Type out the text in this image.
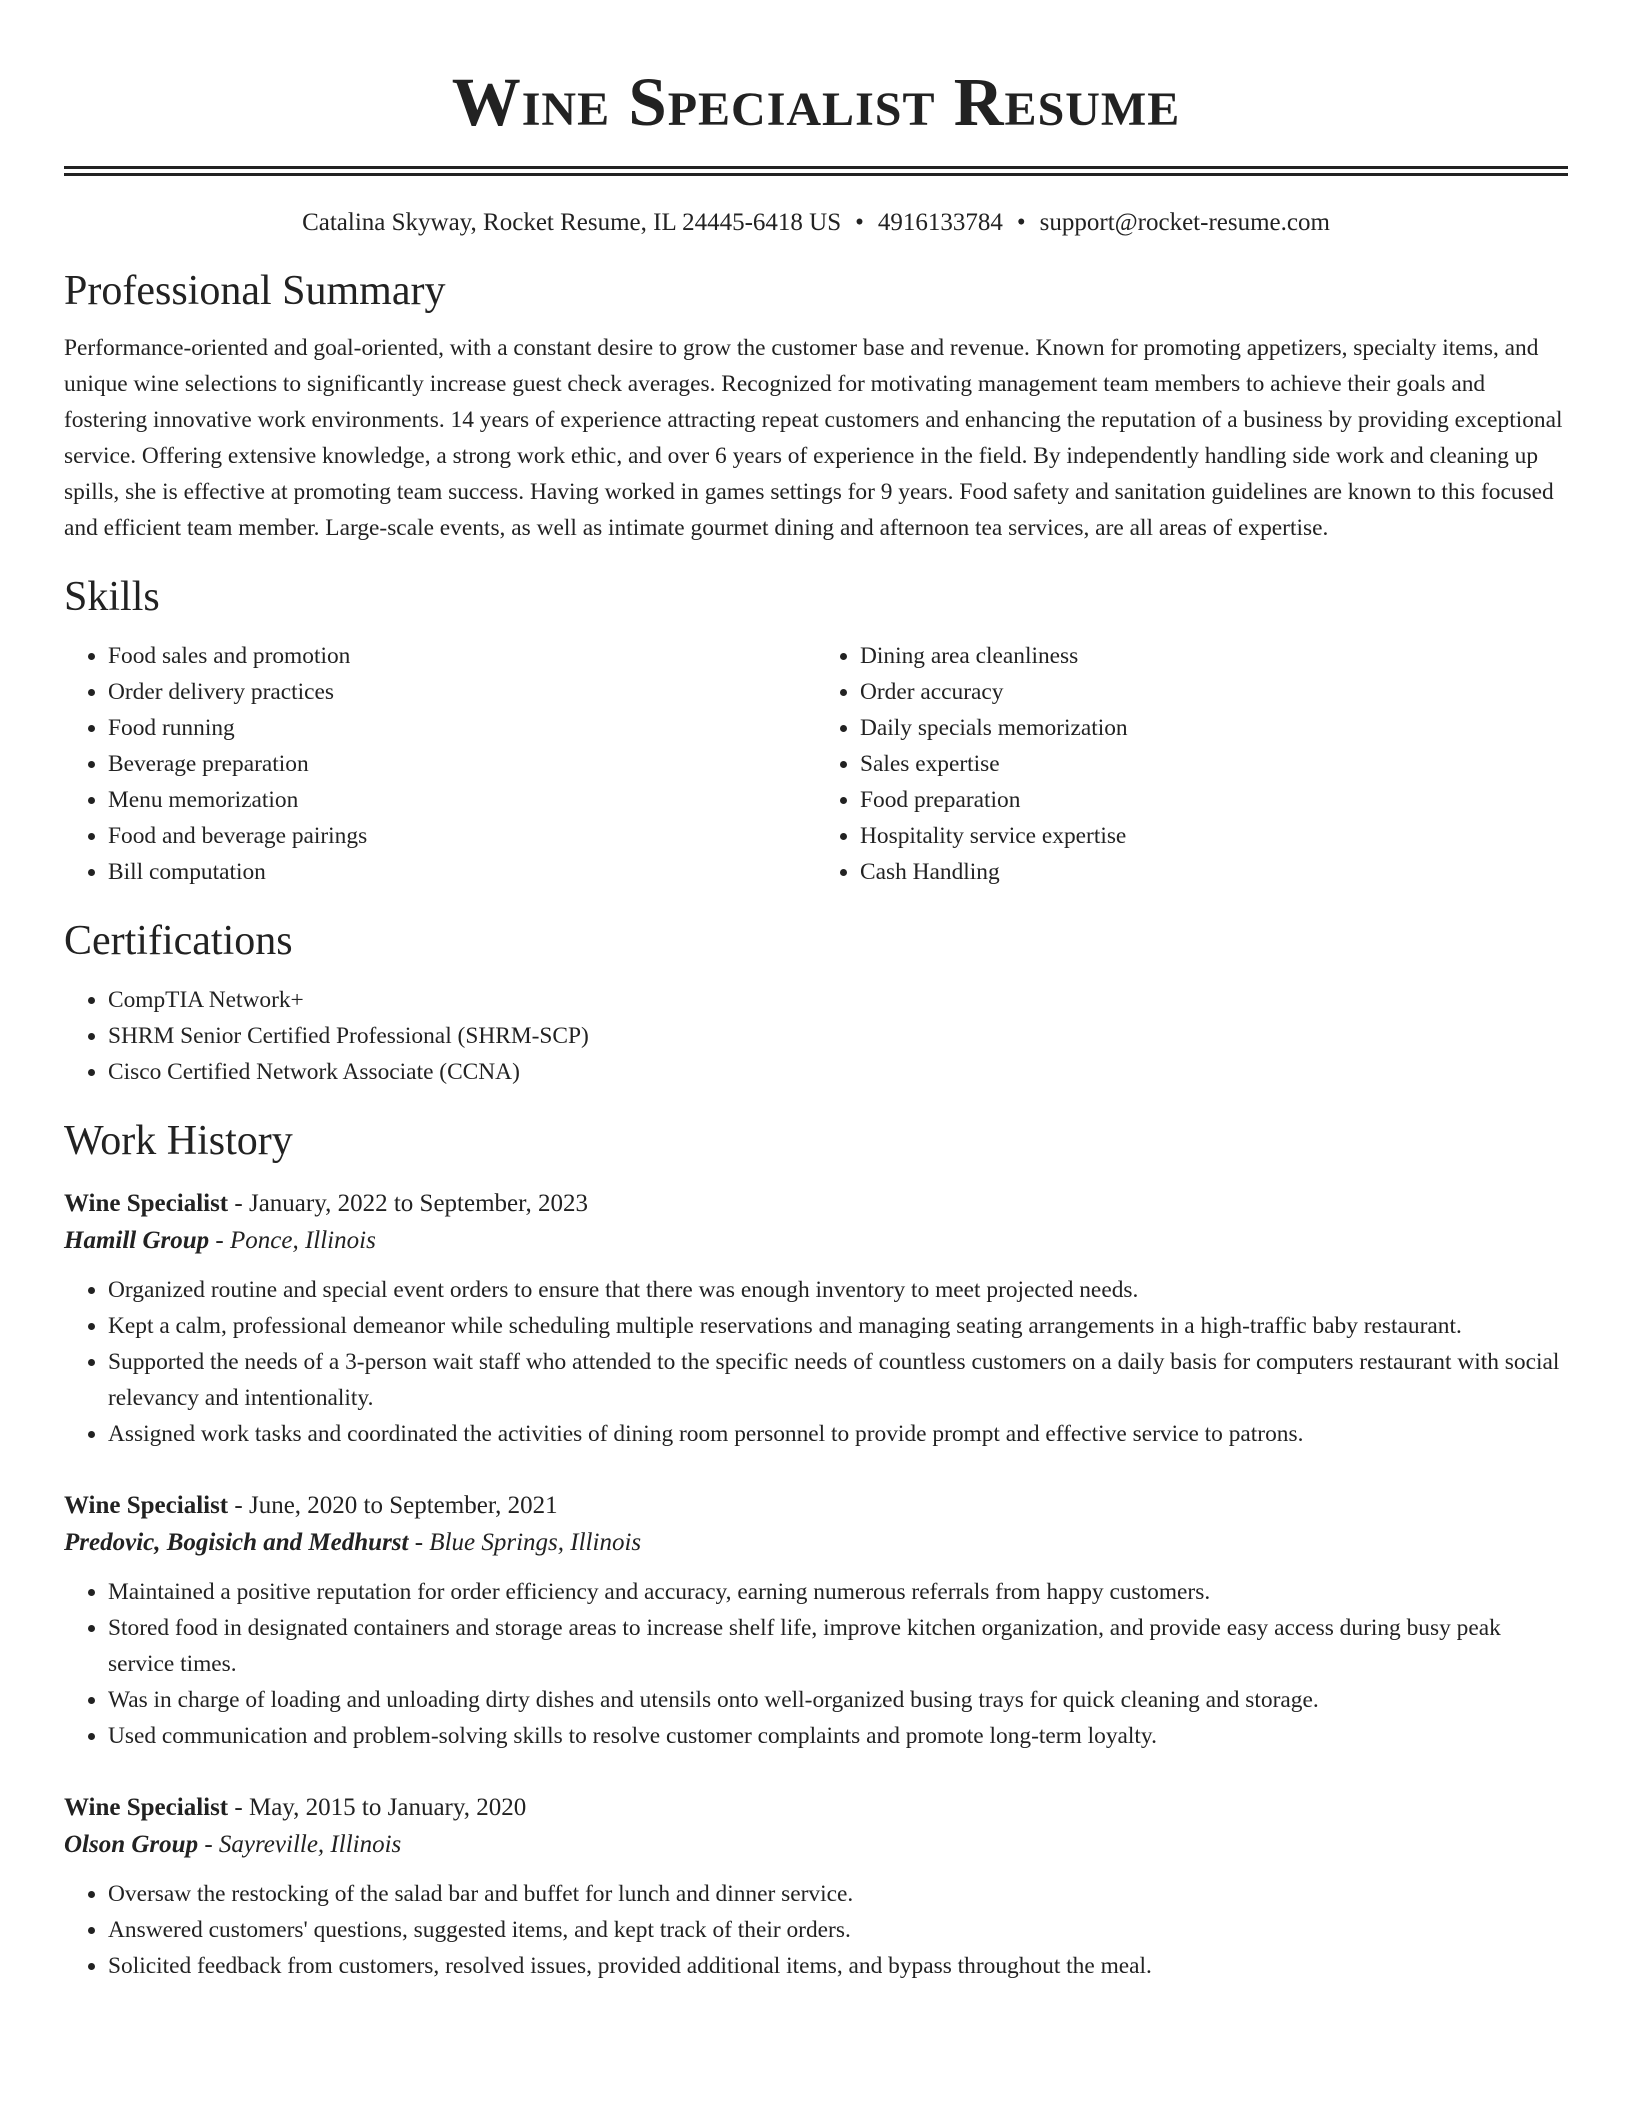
Wine Specialist Resume
Catalina Skyway, Rocket Resume, IL 24445-6418 US • 4916133784 • support@rocket-resume.com
Professional Summary
Performance-oriented and goal-oriented, with a constant desire to grow the customer base and revenue. Known for promoting appetizers, specialty items, and unique wine selections to significantly increase guest check averages. Recognized for motivating management team members to achieve their goals and fostering innovative work environments. 14 years of experience attracting repeat customers and enhancing the reputation of a business by providing exceptional service. Offering extensive knowledge, a strong work ethic, and over 6 years of experience in the field. By independently handling side work and cleaning up spills, she is effective at promoting team success. Having worked in games settings for 9 years. Food safety and sanitation guidelines are known to this focused and efficient team member. Large-scale events, as well as intimate gourmet dining and afternoon tea services, are all areas of expertise.
Skills
• Food sales and promotion
• Order delivery practices
• Food running
• Beverage preparation
• Menu memorization
• Food and beverage pairings
• Bill computation
• Dining area cleanliness
• Order accuracy
• Daily specials memorization
• Sales expertise
• Food preparation
• Hospitality service expertise
• Cash Handling
Certifications
• CompTIA Network+
• SHRM Senior Certified Professional (SHRM-SCP)
• Cisco Certified Network Associate (CCNA)
Work History
Wine Specialist - January, 2022 to September, 2023
Hamill Group - Ponce, Illinois
• Organized routine and special event orders to ensure that there was enough inventory to meet projected needs.
• Kept a calm, professional demeanor while scheduling multiple reservations and managing seating arrangements in a high-traffic baby restaurant.
• Supported the needs of a 3-person wait staff who attended to the specific needs of countless customers on a daily basis for computers restaurant with social relevancy and intentionality.
• Assigned work tasks and coordinated the activities of dining room personnel to provide prompt and effective service to patrons.
Wine Specialist - June, 2020 to September, 2021
Predovic, Bogisich and Medhurst - Blue Springs, Illinois
• Maintained a positive reputation for order efficiency and accuracy, earning numerous referrals from happy customers.
• Stored food in designated containers and storage areas to increase shelf life, improve kitchen organization, and provide easy access during busy peak service times.
• Was in charge of loading and unloading dirty dishes and utensils onto well-organized busing trays for quick cleaning and storage.
• Used communication and problem-solving skills to resolve customer complaints and promote long-term loyalty.
Wine Specialist - May, 2015 to January, 2020
Olson Group - Sayreville, Illinois
• Oversaw the restocking of the salad bar and buffet for lunch and dinner service.
• Answered customers' questions, suggested items, and kept track of their orders.
• Solicited feedback from customers, resolved issues, provided additional items, and bypass throughout the meal.
